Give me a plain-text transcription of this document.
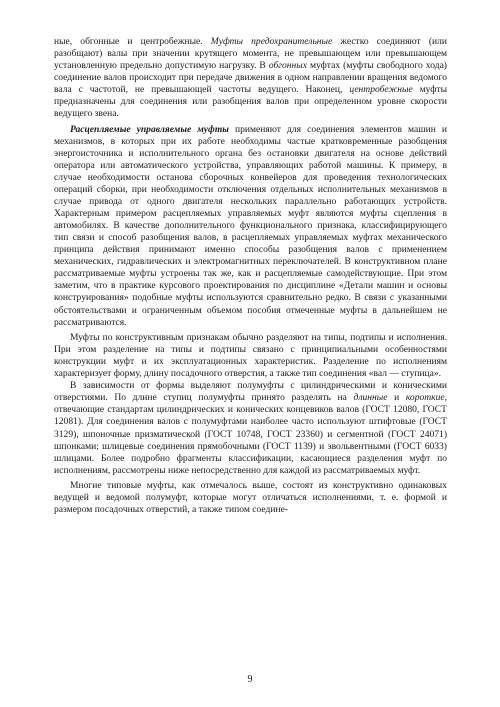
ные, обгонные и центробежные. Муфты предохранительные жестко соединяют (или разобщают) валы при значении крутящего момента, не превышающем или превышающем установленную предельно допустимую нагрузку. В обгонных муфтах (муфты свободного хода) соединение валов происходит при передаче движения в одном направлении вращения ведомого вала с частотой, не превышающей частоты ведущего. Наконец, центробежные муфты предназначены для соединения или разобщения валов при определенном уровне скорости ведущего звена.

Расцепляемые управляемые муфты применяют для соединения элементов машин и механизмов, в которых при их работе необходимы частые кратковременные разобщения энергоисточника и исполнительного органа без остановки двигателя на основе действий оператора или автоматического устройства, управляющих работой машины. К примеру, в случае необходимости останова сборочных конвейеров для проведения технологических операций сборки, при необходимости отключения отдельных исполнительных механизмов в случае привода от одного двигателя нескольких параллельно работающих устройств. Характерным примером расцепляемых управляемых муфт являются муфты сцепления в автомобилях. В качестве дополнительного функционального признака, классифицирующего тип связи и способ разобщения валов, в расцепляемых управляемых муфтах механического принципа действия принимают именно способы разобщения валов с применением механических, гидравлических и электромагнитных переключателей. В конструктивном плане рассматриваемые муфты устроены так же, как и расцепляемые самодействующие. При этом заметим, что в практике курсового проектирования по дисциплине «Детали машин и основы конструирования» подобные муфты используются сравнительно редко. В связи с указанными обстоятельствами и ограниченным объемом пособия отмеченные муфты в дальнейшем не рассматриваются.

Муфты по конструктивным признакам обычно разделяют на типы, подтипы и исполнения. При этом разделение на типы и подтипы связано с принципиальными особенностями конструкции муфт и их эксплуатационных характеристик. Разделение по исполнениям характеризует форму, длину посадочного отверстия, а также тип соединения «вал — ступица».

В зависимости от формы выделяют полумуфты с цилиндрическими и коническими отверстиями. По длине ступиц полумуфты принято разделять на длинные и короткие, отвечающие стандартам цилиндрических и конических концевиков валов (ГОСТ 12080, ГОСТ 12081). Для соединения валов с полумуфтами наиболее часто используют штифтовые (ГОСТ 3129), шпоночные призматической (ГОСТ 10748, ГОСТ 23360) и сегментной (ГОСТ 24071) шпонками; шлицевые соединения прямобочными (ГОСТ 1139) и эвольвентными (ГОСТ 6033) шлицами. Более подробно фрагменты классификации, касающиеся разделения муфт по исполнениям, рассмотрены ниже непосредственно для каждой из рассматриваемых муфт.

Многие типовые муфты, как отмечалось выше, состоят из конструктивно одинаковых ведущей и ведомой полумуфт, которые могут отличаться исполнениями, т. е. формой и размером посадочных отверстий, а также типом соедине-

9
